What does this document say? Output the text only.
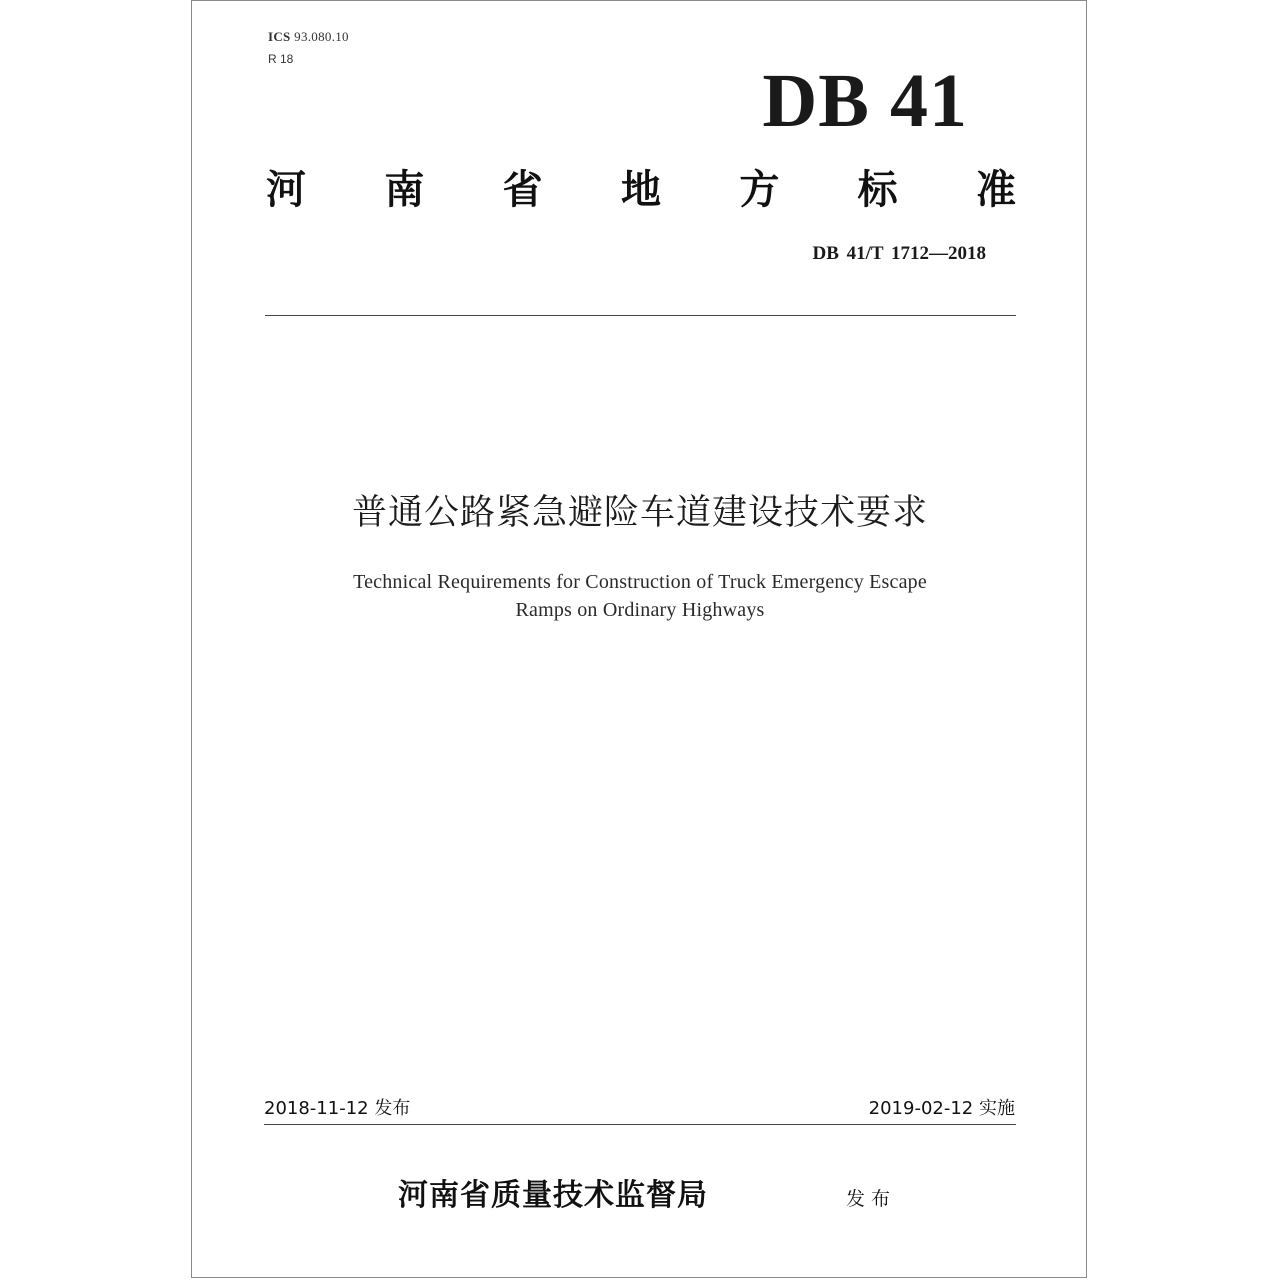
ICS 93.080.10
R 18	DB 41
河 南 省 地 方 标 准
DB 41/T 1712—2018
普通公路紧急避险车道建设技术要求
Technical Requirements for Construction of Truck Emergency Escape
Ramps on Ordinary Highways
2018-11-12 发布	2019-02-12 实施
河南省质量技术监督局	发布
